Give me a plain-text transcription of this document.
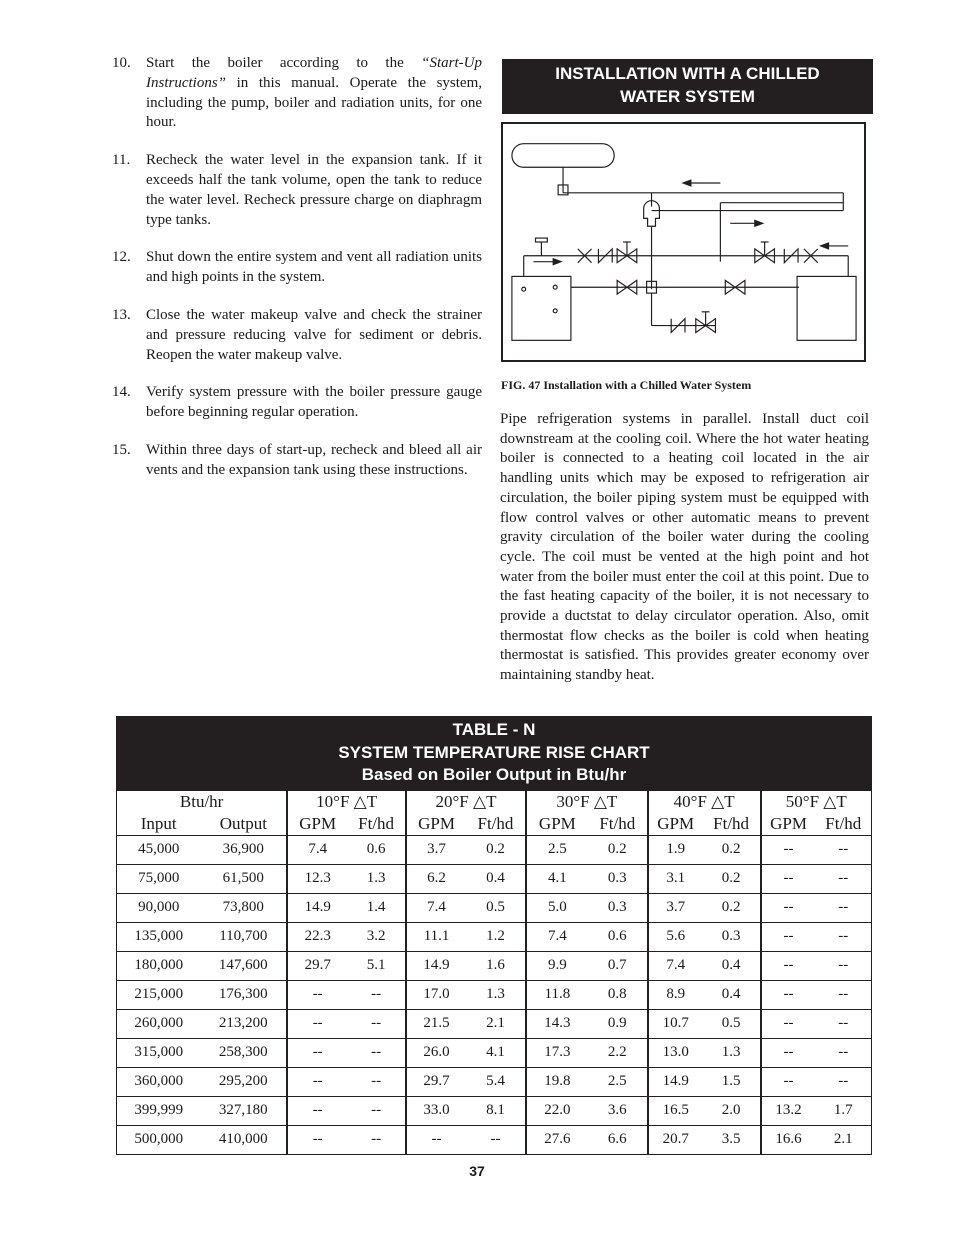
10.	Start the boiler according to the “Start-Up Instructions” in this manual. Operate the system, including the pump, boiler and radiation units, for one hour.
11.	Recheck the water level in the expansion tank. If it exceeds half the tank volume, open the tank to reduce the water level. Recheck pressure charge on diaphragm type tanks.
12.	Shut down the entire system and vent all radiation units and high points in the system.
13.	Close the water makeup valve and check the strainer and pressure reducing valve for sediment or debris. Reopen the water makeup valve.
14.	Verify system pressure with the boiler pressure gauge before beginning regular operation.
15.	Within three days of start-up, recheck and bleed all air vents and the expansion tank using these instructions.
INSTALLATION WITH A CHILLED
WATER SYSTEM
FIG. 47 Installation with a Chilled Water System
Pipe refrigeration systems in parallel. Install duct coil downstream at the cooling coil. Where the hot water heating boiler is connected to a heating coil located in the air handling units which may be exposed to refrigeration air circulation, the boiler piping system must be equipped with flow control valves or other automatic means to prevent gravity circulation of the boiler water during the cooling cycle. The coil must be vented at the high point and hot water from the boiler must enter the coil at this point. Due to the fast heating capacity of the boiler, it is not necessary to provide a ductstat to delay circulator operation. Also, omit thermostat flow checks as the boiler is cold when heating thermostat is satisfied. This provides greater economy over maintaining standby heat.
TABLE - N
SYSTEM TEMPERATURE RISE CHART
Based on Boiler Output in Btu/hr
Btu/hr		10°F △T		20°F △T		30°F △T		40°F △T		50°F △T	
Input	Output	GPM	Ft/hd	GPM	Ft/hd	GPM	Ft/hd	GPM	Ft/hd	GPM	Ft/hd
45,000	36,900	7.4	0.6	3.7	0.2	2.5	0.2	1.9	0.2	--	--
75,000	61,500	12.3	1.3	6.2	0.4	4.1	0.3	3.1	0.2	--	--
90,000	73,800	14.9	1.4	7.4	0.5	5.0	0.3	3.7	0.2	--	--
135,000	110,700	22.3	3.2	11.1	1.2	7.4	0.6	5.6	0.3	--	--
180,000	147,600	29.7	5.1	14.9	1.6	9.9	0.7	7.4	0.4	--	--
215,000	176,300	--	--	17.0	1.3	11.8	0.8	8.9	0.4	--	--
260,000	213,200	--	--	21.5	2.1	14.3	0.9	10.7	0.5	--	--
315,000	258,300	--	--	26.0	4.1	17.3	2.2	13.0	1.3	--	--
360,000	295,200	--	--	29.7	5.4	19.8	2.5	14.9	1.5	--	--
399,999	327,180	--	--	33.0	8.1	22.0	3.6	16.5	2.0	13.2	1.7
500,000	410,000	--	--	--	--	27.6	6.6	20.7	3.5	16.6	2.1
37
